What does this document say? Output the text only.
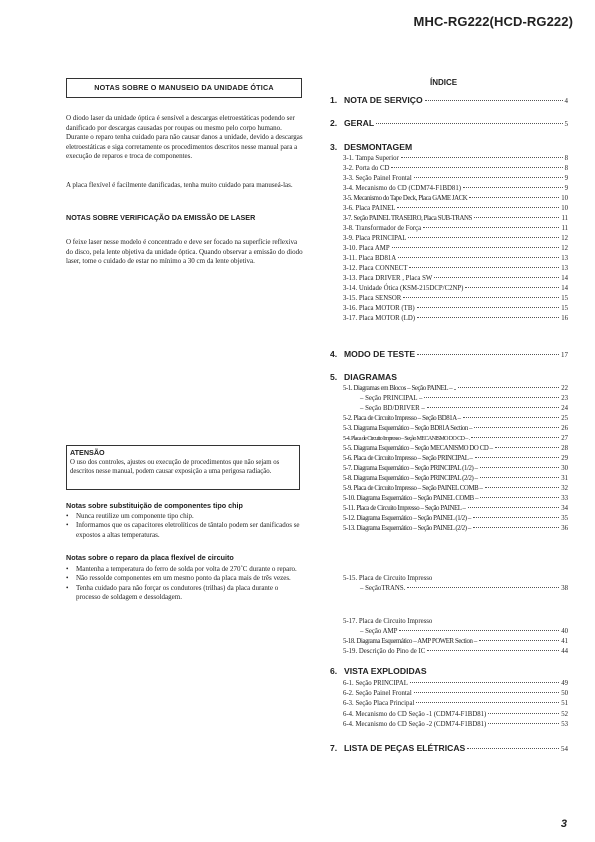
MHC-RG222(HCD-RG222)
NOTAS SOBRE O MANUSEIO DA UNIDADE ÓTICA
O diodo laser da unidade óptica é sensível a descargas eletroestáticas podendo ser danificado por descargas causadas por roupas ou mesmo pelo corpo humano. Durante o reparo tenha cuidado para não causar danos a unidade, devido a descargas eletroestáticas e siga corretamente os procedimentos descritos nesse manual para a execução de reparos e troca de componentes.
A placa flexível é facilmente danificadas, tenha muito cuidado para manuseá-las.
NOTAS SOBRE VERIFICAÇÃO DA EMISSÃO DE LASER
O feixe laser nesse modelo é concentrado e deve ser focado na superfície reflexiva do disco, pela lente objetiva da unidade óptica. Quando observar a emissão do diodo laser, tome o cuidado de estar no mínimo a 30 cm da lente objetiva.
ATENSÃO
O uso dos controles, ajustes ou execução de procedimentos que não sejam os descritos nesse manual, podem causar exposição a uma perigosa radiação.
Notas sobre substituição de componentes tipo chip
• Nunca reutilize um componente tipo chip.
• Informamos que os capacitores eletrolíticos de tântalo podem ser danificados se expostos a altas temperaturas.
Notas sobre o reparo da placa flexível de circuito
• Mantenha a temperatura do ferro de solda por volta de 270˚C durante o reparo.
• Não ressolde componentes em um mesmo ponto da placa mais de três vezes.
• Tenha cuidado para não forçar os condutores (trilhas) da placa durante o processo de soldagem e dessoldagem.
ÍNDICE
1. NOTA DE SERVIÇO	4
2. GERAL	5
3. DESMONTAGEM
3-1. Tampa Superior	8
3-2. Porta do CD	8
3-3. Seção Painel Frontal	9
3-4. Mecanismo do CD (CDM74-F1BD81)	9
3-5. Mecanismo do Tape Deck, Placa GAME JACK	10
3-6. Placa PAINEL	10
3-7. Seção PAINEL TRASEIRO, Placa SUB-TRANS	11
3-8. Transformador de Força	11
3-9. Placa PRINCIPAL	12
3-10. Placa AMP	12
3-11. Placa BD81A	13
3-12. Placa CONNECT	13
3-13. Placa DRIVER , Placa SW	14
3-14. Unidade Ótica (KSM-215DCP/C2NP)	14
3-15. Placa SENSOR	15
3-16. Placa MOTOR (TB)	15
3-17. Placa MOTOR (LD)	16
4. MODO DE TESTE	17
5. DIAGRAMAS
5-1. Diagramas em Blocos – Seção PAINEL – ..	22
– Seção PRINCIPAL –	23
– Seção BD/DRIVER –	24
5-2. Placa de Circuito Impresso – Seção BD81A –	25
5-3. Diagrama Esquemático – Seção BD81A Section –	26
5-4. Placa de Circuito Impresso – Seção MECANISMO DO CD – .	27
5-5. Diagrama Esquemático – Seção MECANISMO DO CD –	28
5-6. Placa de Circuito Impresso – Seção PRINCIPAL –	29
5-7. Diagrama Esquemático – Seção PRINCIPAL (1/2) –	30
5-8. Diagrama Esquemático – Seção PRINCIPAL (2/2) –	31
5-9. Placa de Circuito Impresso – Seção PAINEL COMB –	32
5-10. Diagrama Esquemático – Seção PAINEL COMB –	33
5-11. Placa de Circuito Impresso – Seção PAINEL –	34
5-12. Diagrama Esquemático – Seção PAINEL (1/2) –	35
5-13. Diagrama Esquemático – Seção PAINEL (2/2) –	36
5-15. Placa de Circuito Impresso
– SeçãoTRANS.	38
5-17. Placa de Circuito Impresso
– Seção AMP	40
5-18. Diagrama Esquemático – AMP POWER Section –	41
5-19. Descrição do Pino de IC	44
6. VISTA EXPLODIDAS
6-1. Seção PRINCIPAL	49
6-2. Seção Painel Frontal	50
6-3. Seção Placa Principal	51
6-4. Mecanismo do CD Seção -1 (CDM74-F1BD81)	52
6-4. Mecanismo do CD Seção -2 (CDM74-F1BD81)	53
7. LISTA DE PEÇAS ELÉTRICAS	54
3
